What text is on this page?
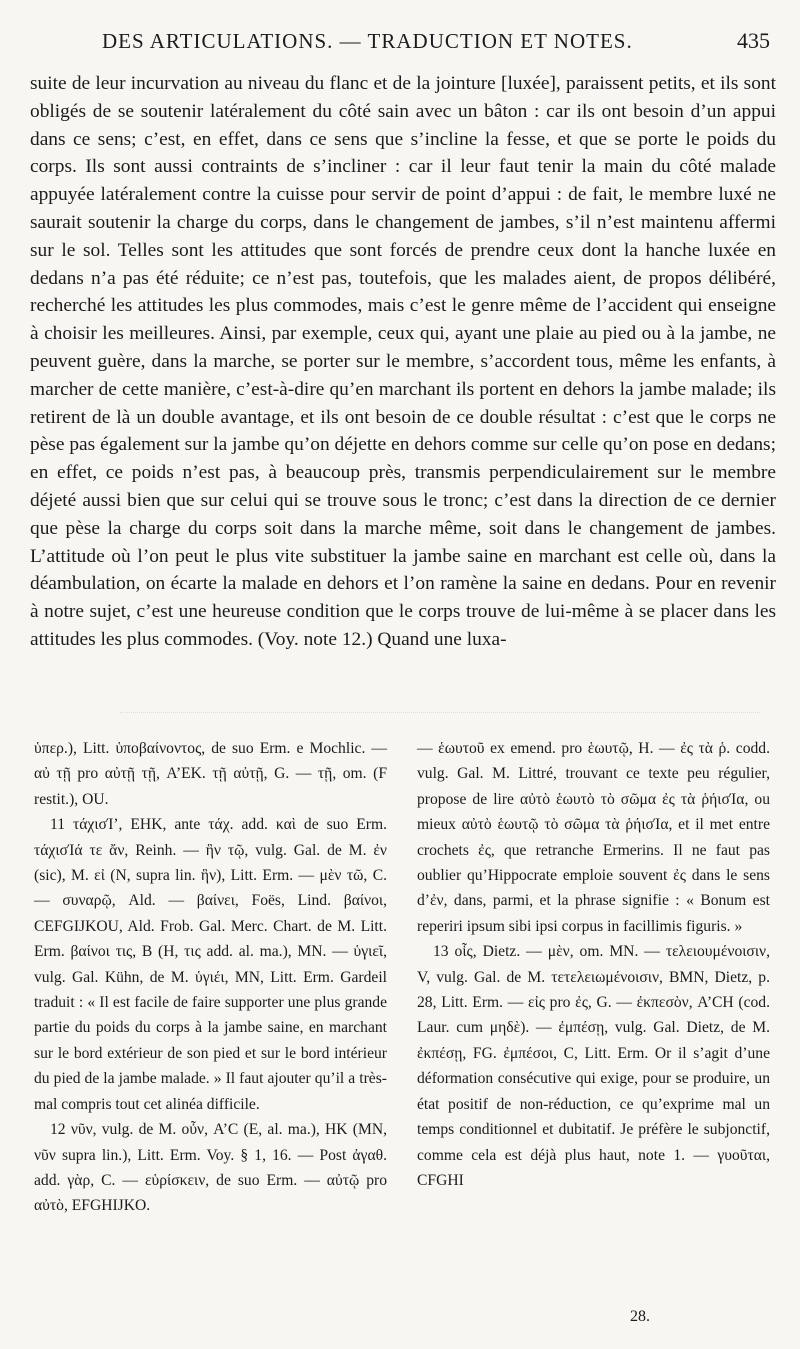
DES ARTICULATIONS. — TRADUCTION ET NOTES.	435

suite de leur incurvation au niveau du flanc et de la jointure [luxée], paraissent petits, et ils sont obligés de se soutenir latéralement du côté sain avec un bâton : car ils ont besoin d’un appui dans ce sens; c’est, en effet, dans ce sens que s’incline la fesse, et que se porte le poids du corps. Ils sont aussi contraints de s’incliner : car il leur faut tenir la main du côté malade appuyée latéralement contre la cuisse pour servir de point d’appui : de fait, le membre luxé ne saurait soutenir la charge du corps, dans le changement de jambes, s’il n’est maintenu affermi sur le sol. Telles sont les attitudes que sont forcés de prendre ceux dont la hanche luxée en dedans n’a pas été réduite; ce n’est pas, toutefois, que les malades aient, de propos délibéré, recherché les attitudes les plus commodes, mais c’est le genre même de l’accident qui enseigne à choisir les meilleures. Ainsi, par exemple, ceux qui, ayant une plaie au pied ou à la jambe, ne peuvent guère, dans la marche, se porter sur le membre, s’accordent tous, même les enfants, à marcher de cette manière, c’est-à-dire qu’en marchant ils portent en dehors la jambe malade; ils retirent de là un double avantage, et ils ont besoin de ce double résultat : c’est que le corps ne pèse pas également sur la jambe qu’on déjette en dehors comme sur celle qu’on pose en dedans; en effet, ce poids n’est pas, à beaucoup près, transmis perpendiculairement sur le membre déjeté aussi bien que sur celui qui se trouve sous le tronc; c’est dans la direction de ce dernier que pèse la charge du corps soit dans la marche même, soit dans le changement de jambes. L’attitude où l’on peut le plus vite substituer la jambe saine en marchant est celle où, dans la déambulation, on écarte la malade en dehors et l’on ramène la saine en dedans. Pour en revenir à notre sujet, c’est une heureuse condition que le corps trouve de lui-même à se placer dans les attitudes les plus commodes. (Voy. note 12.) Quand une luxa-

ὑπερ.), Litt. ὑποβαίνοντος, de suo Erm. e Mochlic. — αὐ τῇ pro αὐτῇ τῇ, A’EK. τῇ αὐτῇ, G. — τῇ, om. (F restit.), OU.

11 τάχισΊ’, EHK, ante τάχ. add. καὶ de suo Erm. τάχισΊά τε ἄν, Reinh. — ἣν τῷ, vulg. Gal. de M. ἐν (sic), M. εἰ (N, supra lin. ἣν), Litt. Erm. — μὲν τῶ, C. — συναρῷ, Ald. — βαίνει, Foës, Lind. βαίνοι, CEFGIJKOU, Ald. Frob. Gal. Merc. Chart. de M. Litt. Erm. βαίνοι τις, B (H, τις add. al. ma.), MN. — ὑγιεῖ, vulg. Gal. Kühn, de M. ὑγιέι, MN, Litt. Erm. Gardeil traduit : « Il est facile de faire supporter une plus grande partie du poids du corps à la jambe saine, en marchant sur le bord extérieur de son pied et sur le bord intérieur du pied de la jambe malade. » Il faut ajouter qu’il a très-mal compris tout cet alinéa difficile.

12 νῦν, vulg. de M. οὖν, A’C (E, al. ma.), HK (MN, νῦν supra lin.), Litt. Erm. Voy. § 1, 16. — Post ἀγαθ. add. γὰρ, C. — εὑρίσκειν, de suo Erm. — αὐτῷ pro αὐτὸ, EFGHIJKO.

— ἑωυτοῦ ex emend. pro ἑωυτῷ, H. — ἐς τὰ ῥ. codd. vulg. Gal. M. Littré, trouvant ce texte peu régulier, propose de lire αὐτὸ ἑωυτὸ τὸ σῶμα ἐς τὰ ῥήισΊα, ou mieux αὐτὸ ἑωυτῷ τὸ σῶμα τὰ ῥήισΊα, et il met entre crochets ἐς, que retranche Ermerins. Il ne faut pas oublier qu’Hippocrate emploie souvent ἐς dans le sens d’ἐν, dans, parmi, et la phrase signifie : « Bonum est reperiri ipsum sibi ipsi corpus in facillimis figuris. »

13 οἷς, Dietz. — μὲν, om. MN. — τελειουμένοισιν, V, vulg. Gal. de M. τετελειωμένοισιν, BMN, Dietz, p. 28, Litt. Erm. — εἰς pro ἐς, G. — ἐκπεσὸν, A’CH (cod. Laur. cum μηδὲ). — ἐμπέσῃ, vulg. Gal. Dietz, de M. ἐκπέσῃ, FG. ἐμπέσοι, C, Litt. Erm. Or il s’agit d’une déformation consécutive qui exige, pour se produire, un état positif de non-réduction, ce qu’exprime mal un temps conditionnel et dubitatif. Je préfère le subjonctif, comme cela est déjà plus haut, note 1. — γυοῦται, CFGHI

28.
